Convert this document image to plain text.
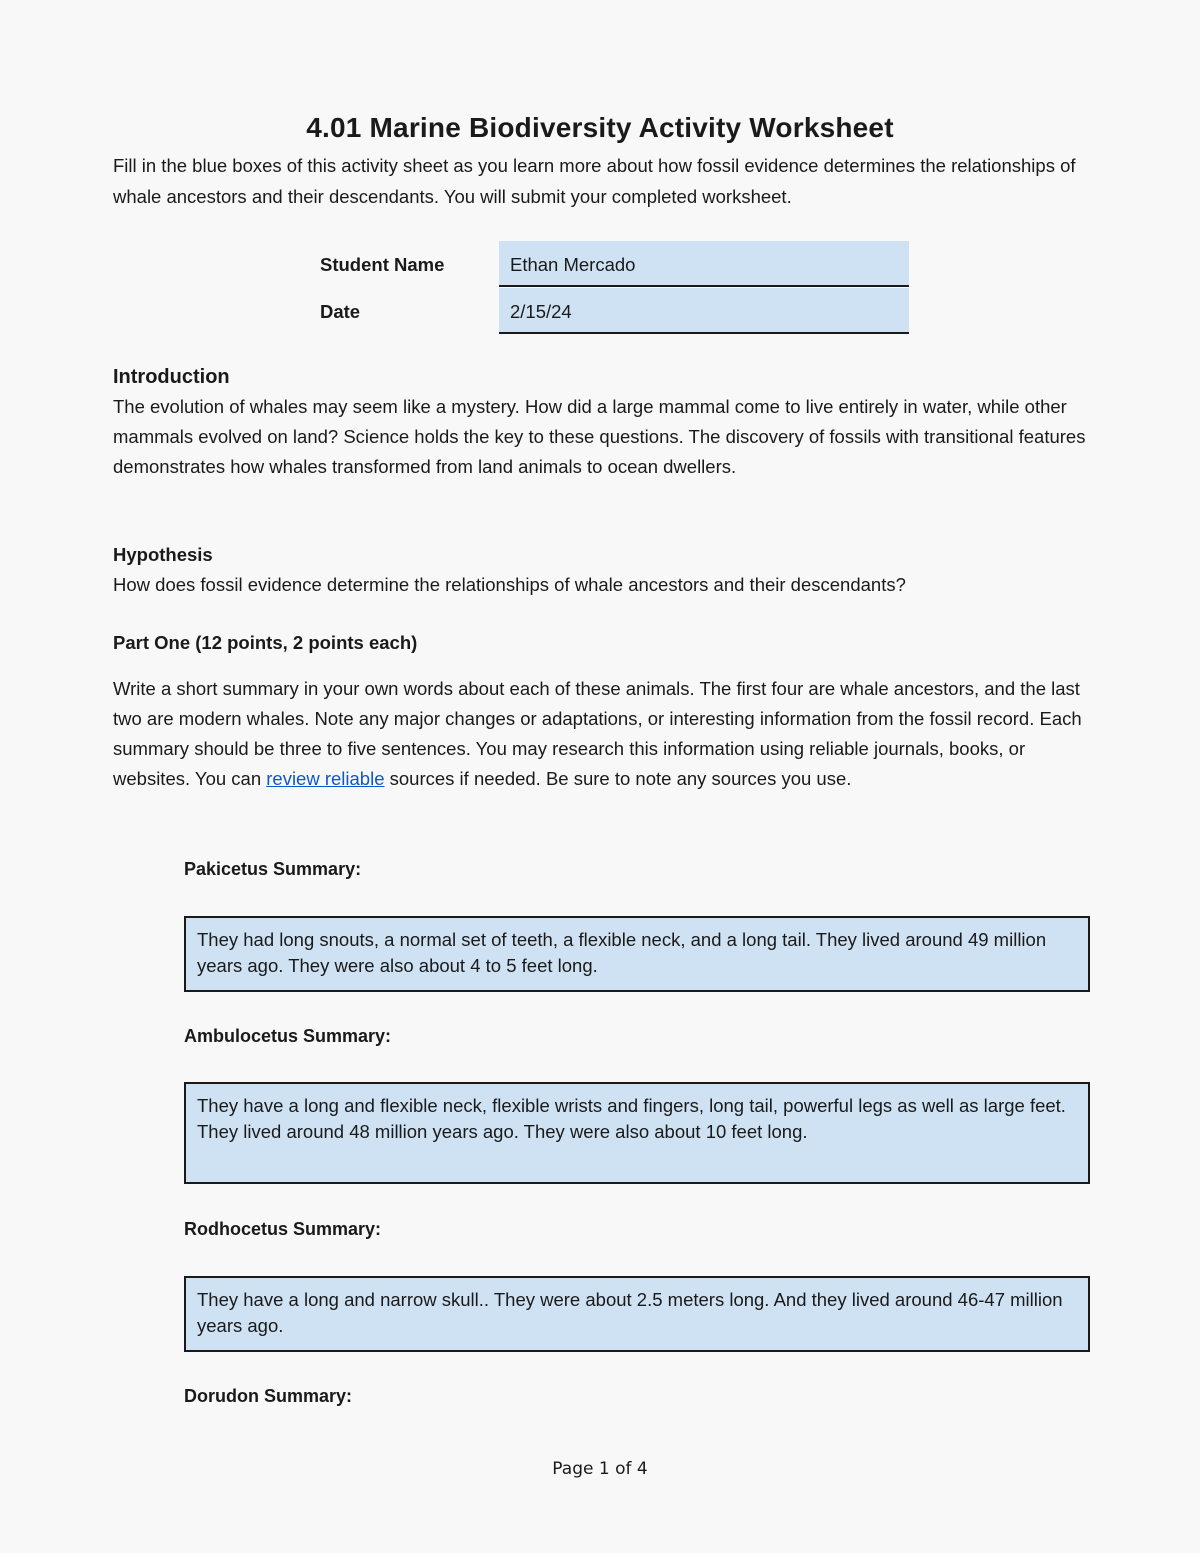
4.01 Marine Biodiversity Activity Worksheet
Fill in the blue boxes of this activity sheet as you learn more about how fossil evidence determines the relationships of whale ancestors and their descendants. You will submit your completed worksheet.
Student Name	Ethan Mercado
Date	2/15/24
Introduction
The evolution of whales may seem like a mystery. How did a large mammal come to live entirely in water, while other mammals evolved on land? Science holds the key to these questions. The discovery of fossils with transitional features demonstrates how whales transformed from land animals to ocean dwellers.
Hypothesis
How does fossil evidence determine the relationships of whale ancestors and their descendants?
Part One (12 points, 2 points each)
Write a short summary in your own words about each of these animals. The first four are whale ancestors, and the last two are modern whales. Note any major changes or adaptations, or interesting information from the fossil record. Each summary should be three to five sentences. You may research this information using reliable journals, books, or websites. You can review reliable sources if needed. Be sure to note any sources you use.
Pakicetus Summary:
They had long snouts, a normal set of teeth, a flexible neck, and a long tail. They lived around 49 million years ago. They were also about 4 to 5 feet long.
Ambulocetus Summary:
They have a long and flexible neck, flexible wrists and fingers, long tail, powerful legs as well as large feet. They lived around 48 million years ago. They were also about 10 feet long.
Rodhocetus Summary:
They have a long and narrow skull.. They were about 2.5 meters long. And they lived around 46-47 million years ago.
Dorudon Summary:
Page 1 of 4
